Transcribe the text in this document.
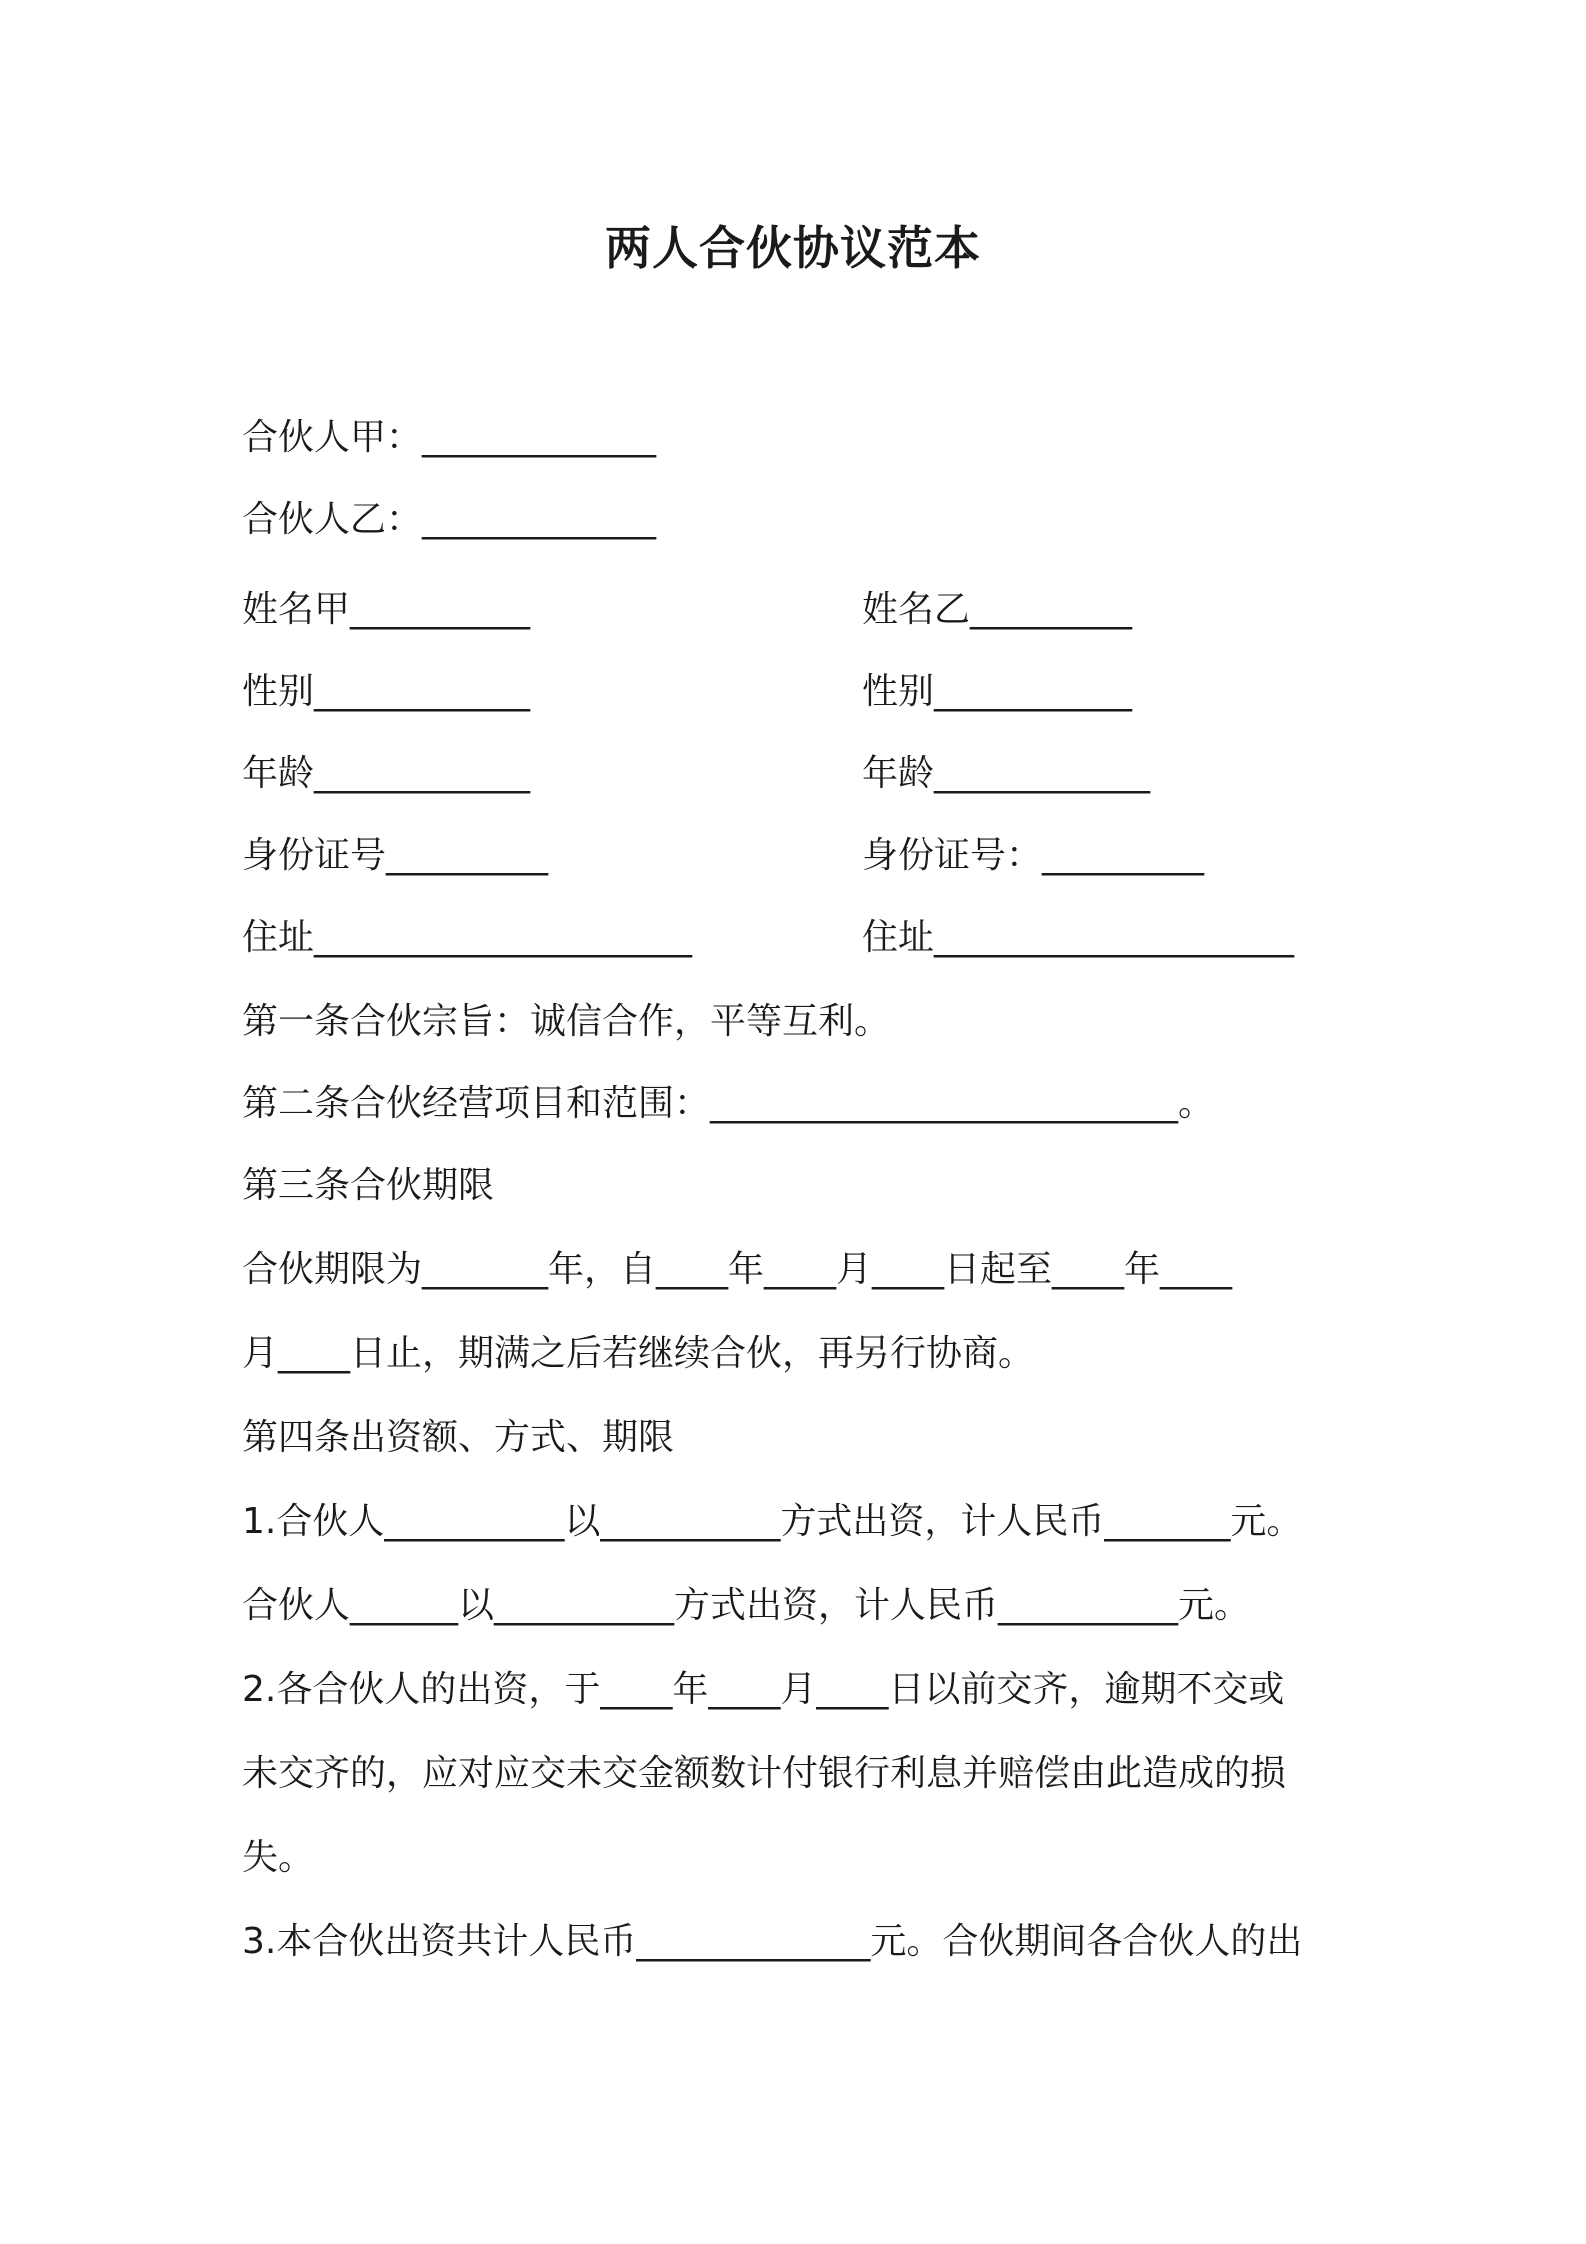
两人合伙协议范本

合伙人甲：_____________

合伙人乙：_____________

姓名甲__________

性别____________

年龄____________

身份证号_________

住址_____________________

姓名乙_________

性别___________

年龄____________

身份证号：_________

住址____________________

第一条合伙宗旨：诚信合作，平等互利。

第二条合伙经营项目和范围：__________________________。

第三条合伙期限

合伙期限为_______年，自____年____月____日起至____年____

月____日止，期满之后若继续合伙，再另行协商。

第四条出资额、方式、期限

1.合伙人__________以__________方式出资，计人民币_______元。

合伙人______以__________方式出资，计人民币__________元。

2.各合伙人的出资，于____年____月____日以前交齐，逾期不交或

未交齐的，应对应交未交金额数计付银行利息并赔偿由此造成的损

失。

3.本合伙出资共计人民币_____________元。合伙期间各合伙人的出
